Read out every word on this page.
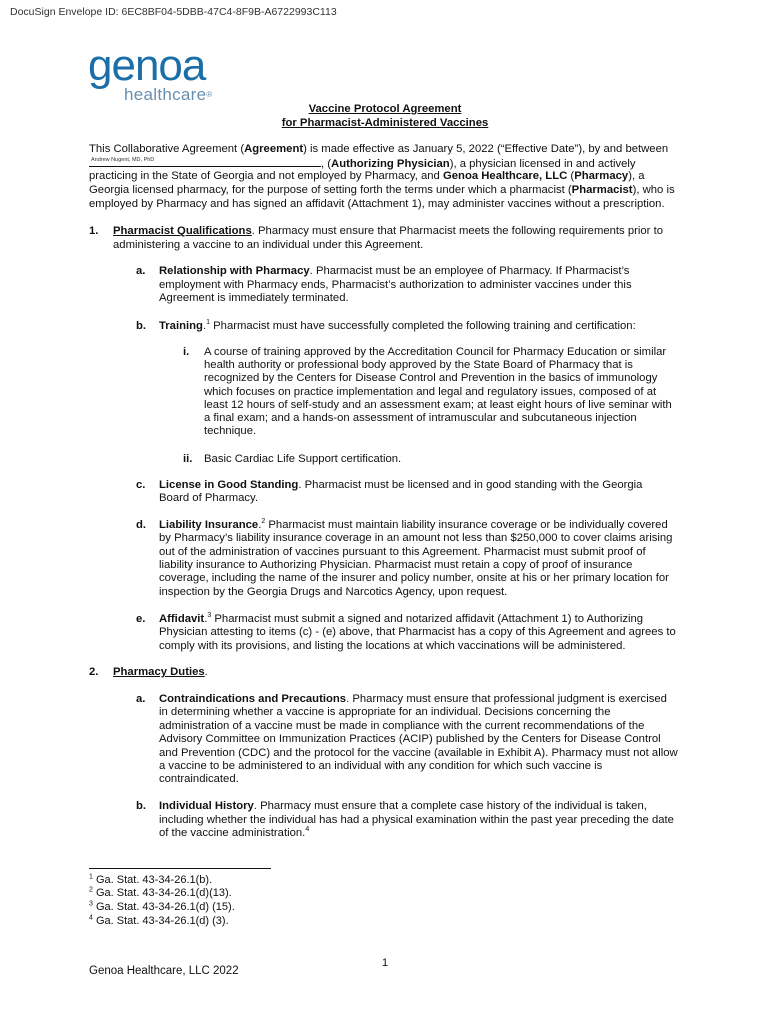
DocuSign Envelope ID: 6EC8BF04-5DBB-47C4-8F9B-A6722993C113
genoa
healthcare®
Vaccine Protocol Agreement
for Pharmacist-Administered Vaccines
This Collaborative Agreement (Agreement) is made effective as January 5, 2022 (“Effective Date”), by and between
Andrew Nugent, MD, PhD	, (Authorizing Physician), a physician licensed in and actively
practicing in the State of Georgia and not employed by Pharmacy, and Genoa Healthcare, LLC (Pharmacy), a
Georgia licensed pharmacy, for the purpose of setting forth the terms under which a pharmacist (Pharmacist), who is
employed by Pharmacy and has signed an affidavit (Attachment 1), may administer vaccines without a prescription.
1. Pharmacist Qualifications. Pharmacy must ensure that Pharmacist meets the following requirements prior to
administering a vaccine to an individual under this Agreement.
a. Relationship with Pharmacy. Pharmacist must be an employee of Pharmacy. If Pharmacist’s
employment with Pharmacy ends, Pharmacist’s authorization to administer vaccines under this
Agreement is immediately terminated.
b. Training.$^1$ Pharmacist must have successfully completed the following training and certification:
i. A course of training approved by the Accreditation Council for Pharmacy Education or similar
health authority or professional body approved by the State Board of Pharmacy that is
recognized by the Centers for Disease Control and Prevention in the basics of immunology
which focuses on practice implementation and legal and regulatory issues, composed of at
least 12 hours of self-study and an assessment exam; at least eight hours of live seminar with
a final exam; and a hands-on assessment of intramuscular and subcutaneous injection
technique.
ii. Basic Cardiac Life Support certification.
c. License in Good Standing. Pharmacist must be licensed and in good standing with the Georgia
Board of Pharmacy.
d. Liability Insurance.$^2$ Pharmacist must maintain liability insurance coverage or be individually covered
by Pharmacy’s liability insurance coverage in an amount not less than $250,000 to cover claims arising
out of the administration of vaccines pursuant to this Agreement. Pharmacist must submit proof of
liability insurance to Authorizing Physician. Pharmacist must retain a copy of proof of insurance
coverage, including the name of the insurer and policy number, onsite at his or her primary location for
inspection by the Georgia Drugs and Narcotics Agency, upon request.
e. Affidavit.$^3$ Pharmacist must submit a signed and notarized affidavit (Attachment 1) to Authorizing
Physician attesting to items (c) - (e) above, that Pharmacist has a copy of this Agreement and agrees to
comply with its provisions, and listing the locations at which vaccinations will be administered.
2. Pharmacy Duties.
a. Contraindications and Precautions. Pharmacy must ensure that professional judgment is exercised
in determining whether a vaccine is appropriate for an individual. Decisions concerning the
administration of a vaccine must be made in compliance with the current recommendations of the
Advisory Committee on Immunization Practices (ACIP) published by the Centers for Disease Control
and Prevention (CDC) and the protocol for the vaccine (available in Exhibit A). Pharmacy must not allow
a vaccine to be administered to an individual with any condition for which such vaccine is
contraindicated.
b. Individual History. Pharmacy must ensure that a complete case history of the individual is taken,
including whether the individual has had a physical examination within the past year preceding the date
of the vaccine administration.$^4$
$^1$ Ga. Stat. 43-34-26.1(b).
$^2$ Ga. Stat. 43-34-26.1(d)(13).
$^3$ Ga. Stat. 43-34-26.1(d) (15).
$^4$ Ga. Stat. 43-34-26.1(d) (3).
1
Genoa Healthcare, LLC 2022
